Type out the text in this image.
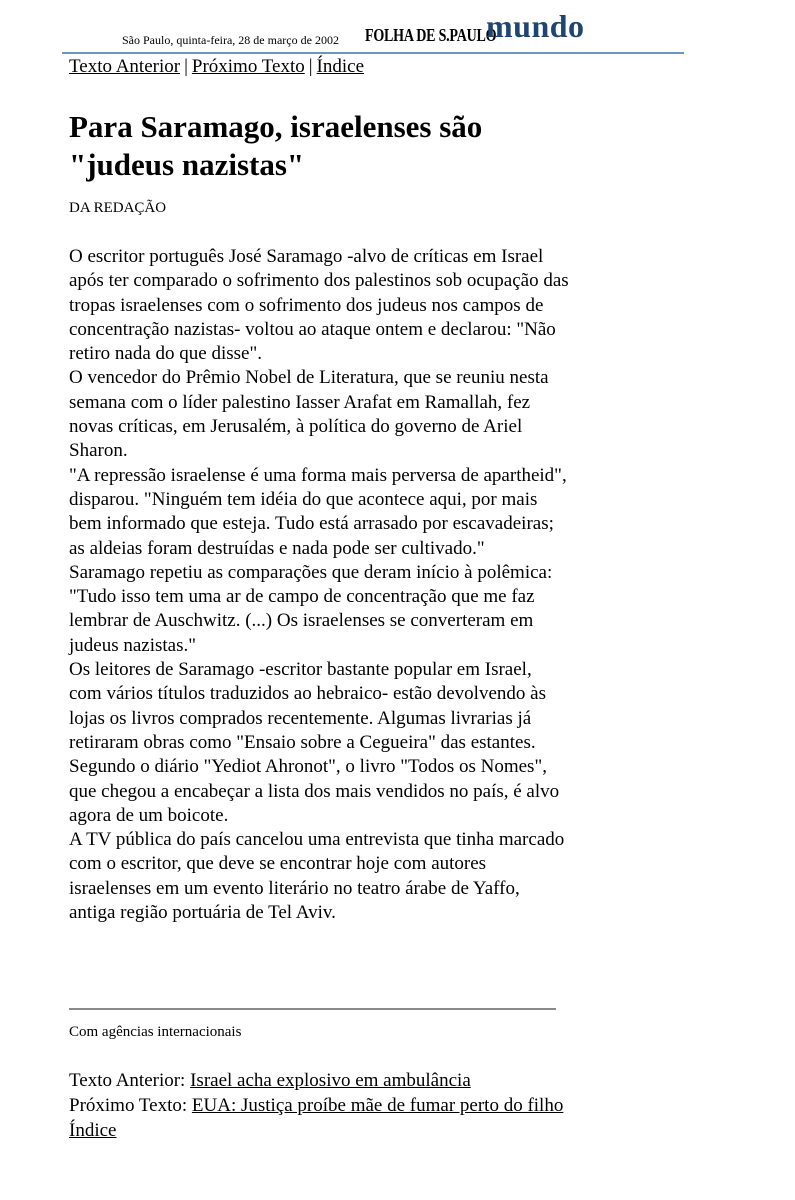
São Paulo, quinta-feira, 28 de março de 2002 FOLHA DE S.PAULO
mundo
Texto Anterior | Próximo Texto | Índice
Para Saramago, israelenses são
"judeus nazistas"
DA REDAÇÃO

O escritor português José Saramago -alvo de críticas em Israel após ter comparado o sofrimento dos palestinos sob ocupação das tropas israelenses com o sofrimento dos judeus nos campos de concentração nazistas- voltou ao ataque ontem e declarou: "Não retiro nada do que disse".

O vencedor do Prêmio Nobel de Literatura, que se reuniu nesta semana com o líder palestino Iasser Arafat em Ramallah, fez novas críticas, em Jerusalém, à política do governo de Ariel Sharon.

"A repressão israelense é uma forma mais perversa de apartheid", disparou. "Ninguém tem idéia do que acontece aqui, por mais bem informado que esteja. Tudo está arrasado por escavadeiras; as aldeias foram destruídas e nada pode ser cultivado."

Saramago repetiu as comparações que deram início à polêmica: "Tudo isso tem uma ar de campo de concentração que me faz lembrar de Auschwitz. (...) Os israelenses se converteram em judeus nazistas."

Os leitores de Saramago -escritor bastante popular em Israel, com vários títulos traduzidos ao hebraico- estão devolvendo às lojas os livros comprados recentemente. Algumas livrarias já retiraram obras como "Ensaio sobre a Cegueira" das estantes.

Segundo o diário "Yediot Ahronot", o livro "Todos os Nomes", que chegou a encabeçar a lista dos mais vendidos no país, é alvo agora de um boicote.

A TV pública do país cancelou uma entrevista que tinha marcado com o escritor, que deve se encontrar hoje com autores israelenses em um evento literário no teatro árabe de Yaffo, antiga região portuária de Tel Aviv.

Com agências internacionais
Texto Anterior: Israel acha explosivo em ambulância
Próximo Texto: EUA: Justiça proíbe mãe de fumar perto do filho
Índice
